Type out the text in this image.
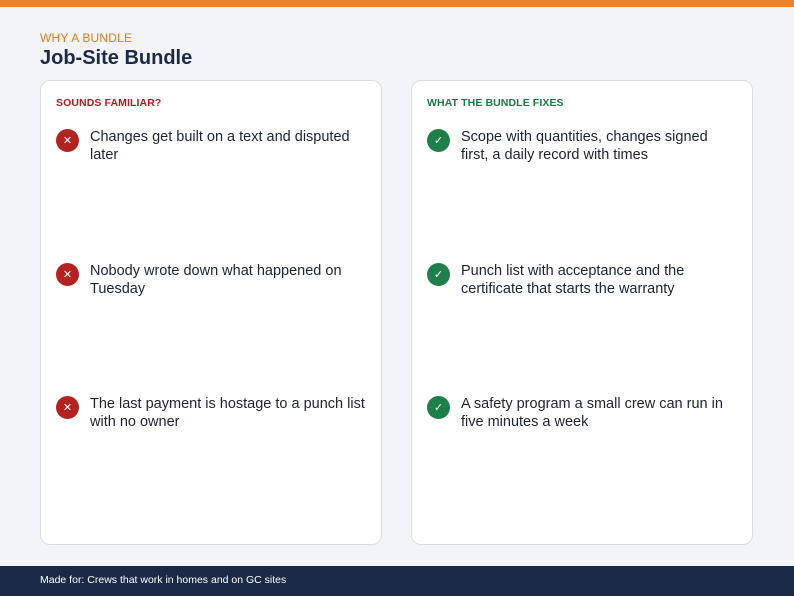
WHY A BUNDLE
Job-Site Bundle
SOUNDS FAMILIAR?
✕	Changes get built on a text and disputed later
✕	Nobody wrote down what happened on Tuesday
✕	The last payment is hostage to a punch list with no owner
WHAT THE BUNDLE FIXES
✓	Scope with quantities, changes signed first, a daily record with times
✓	Punch list with acceptance and the certificate that starts the warranty
✓	A safety program a small crew can run in five minutes a week
Made for: Crews that work in homes and on GC sites
